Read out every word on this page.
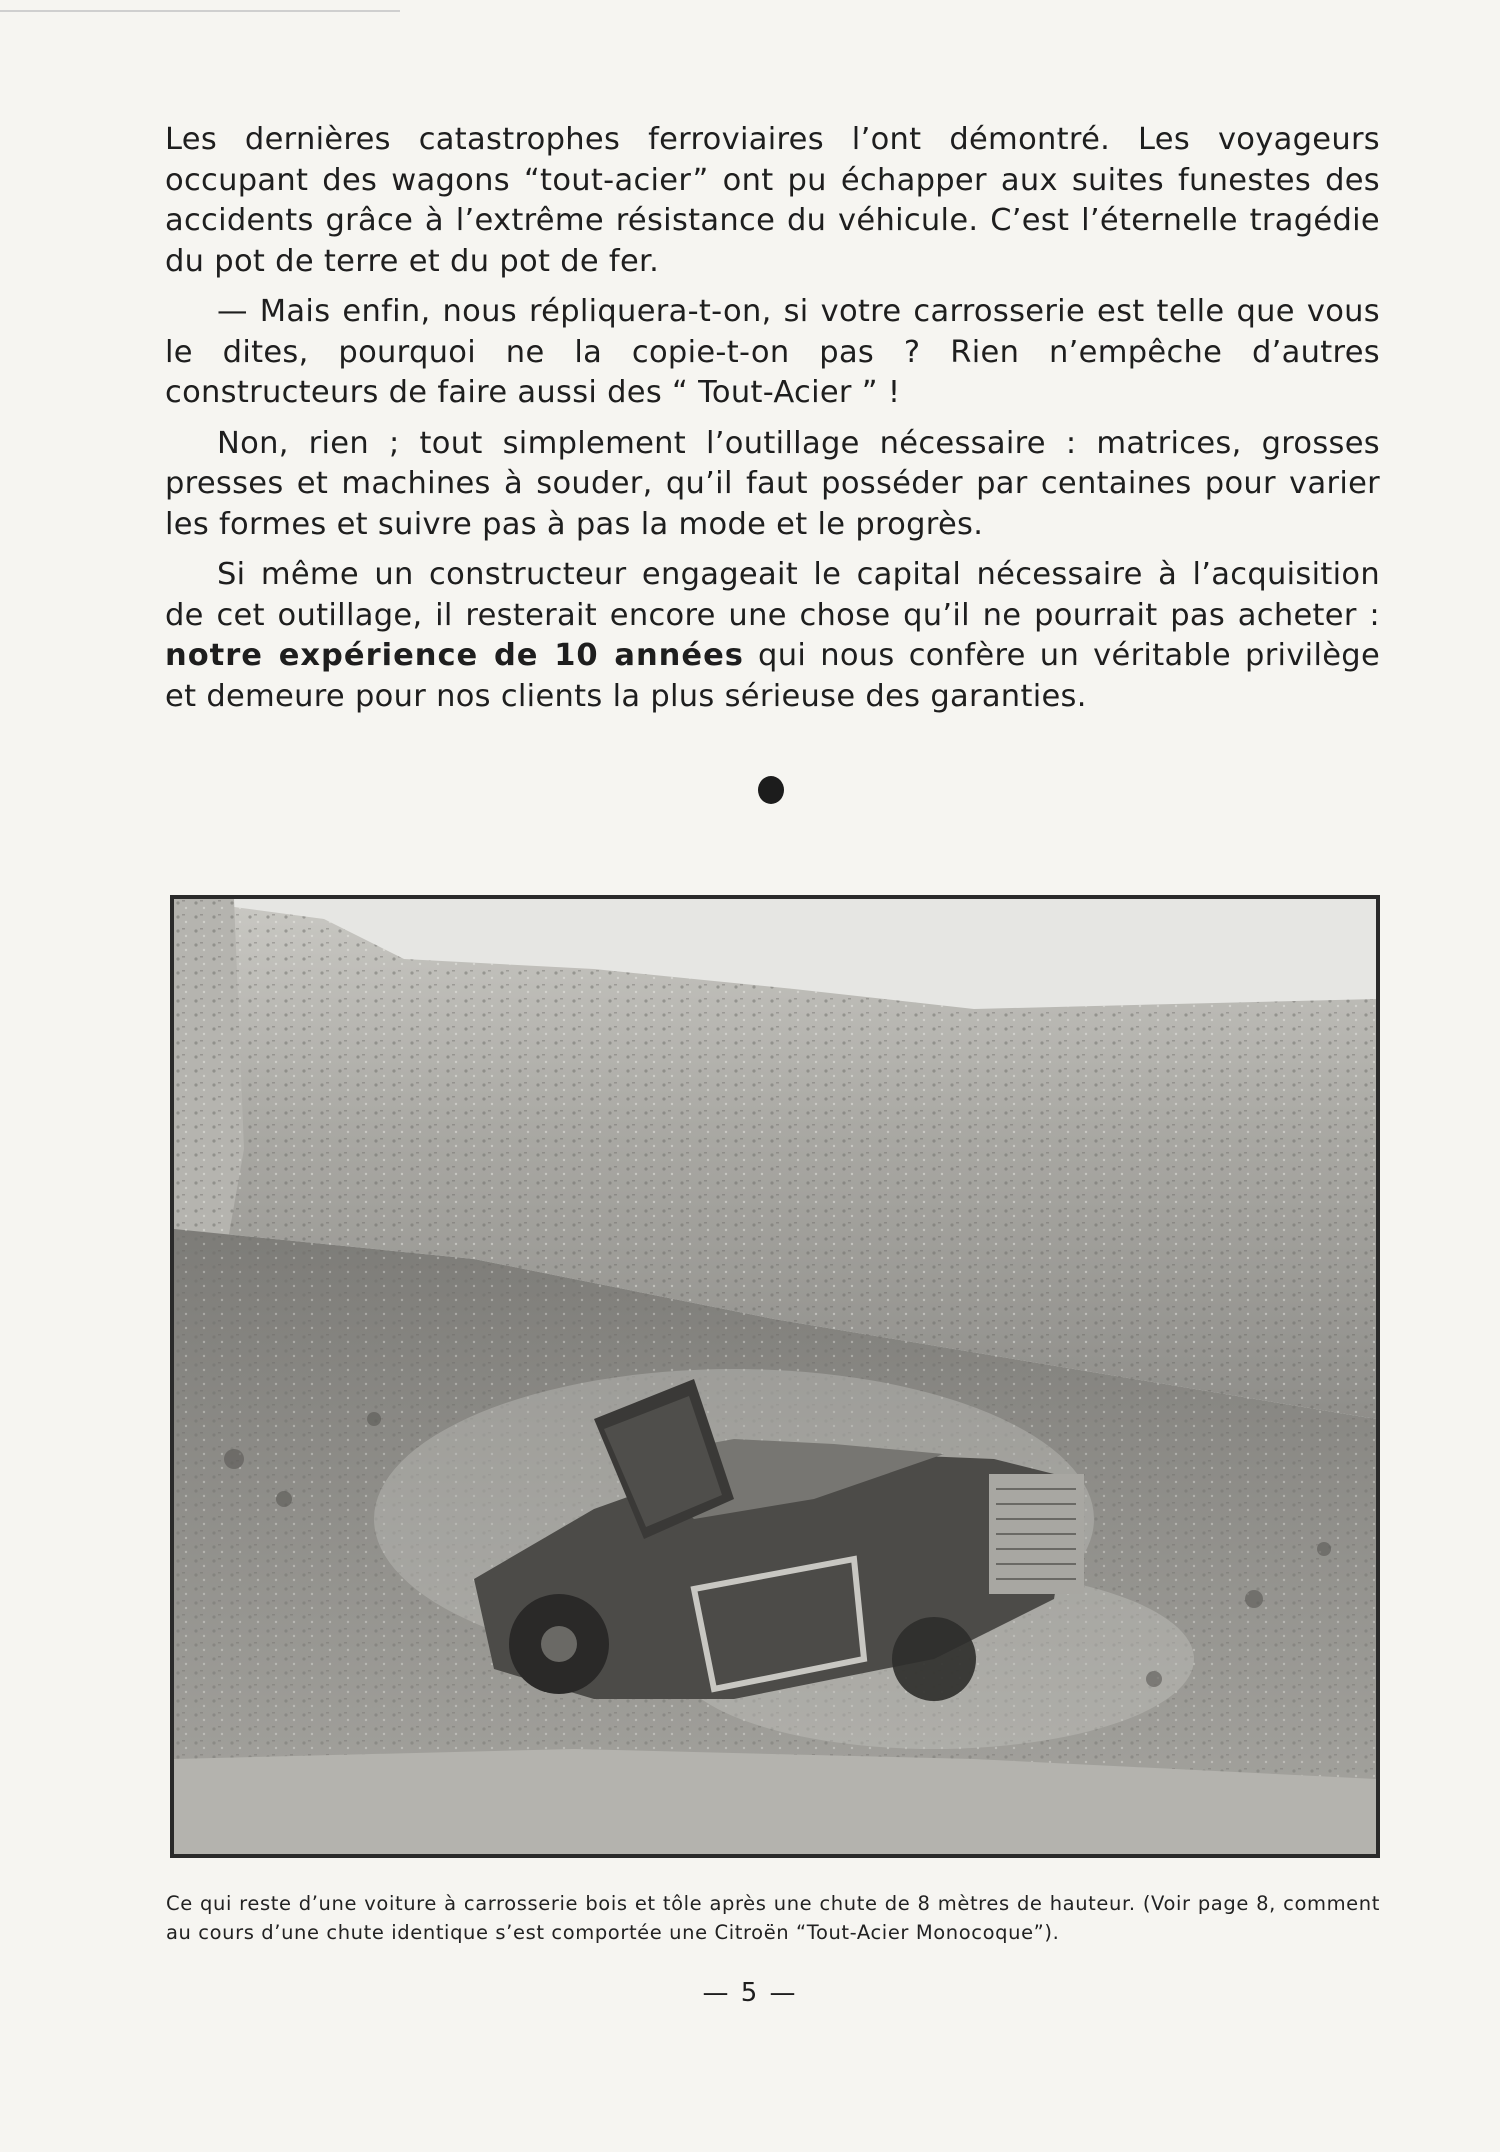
Les dernières catastrophes ferroviaires l’ont démontré. Les voyageurs occupant des wagons “tout-acier” ont pu échapper aux suites funestes des accidents grâce à l’extrême résistance du véhicule. C’est l’éternelle tragédie du pot de terre et du pot de fer.

— Mais enfin, nous répliquera-t-on, si votre carrosserie est telle que vous le dites, pourquoi ne la copie-t-on pas ? Rien n’empêche d’autres constructeurs de faire aussi des “ Tout-Acier ” !

Non, rien ; tout simplement l’outillage nécessaire : matrices, grosses presses et machines à souder, qu’il faut posséder par centaines pour varier les formes et suivre pas à pas la mode et le progrès.

Si même un constructeur engageait le capital nécessaire à l’acquisition de cet outillage, il resterait encore une chose qu’il ne pourrait pas acheter : notre expérience de 10 années qui nous confère un véritable privilège et demeure pour nos clients la plus sérieuse des garanties.

Ce qui reste d’une voiture à carrosserie bois et tôle après une chute de 8 mètres de hauteur. (Voir page 8, comment au cours d’une chute identique s’est comportée une Citroën “Tout-Acier Monocoque”).
— 5 —
